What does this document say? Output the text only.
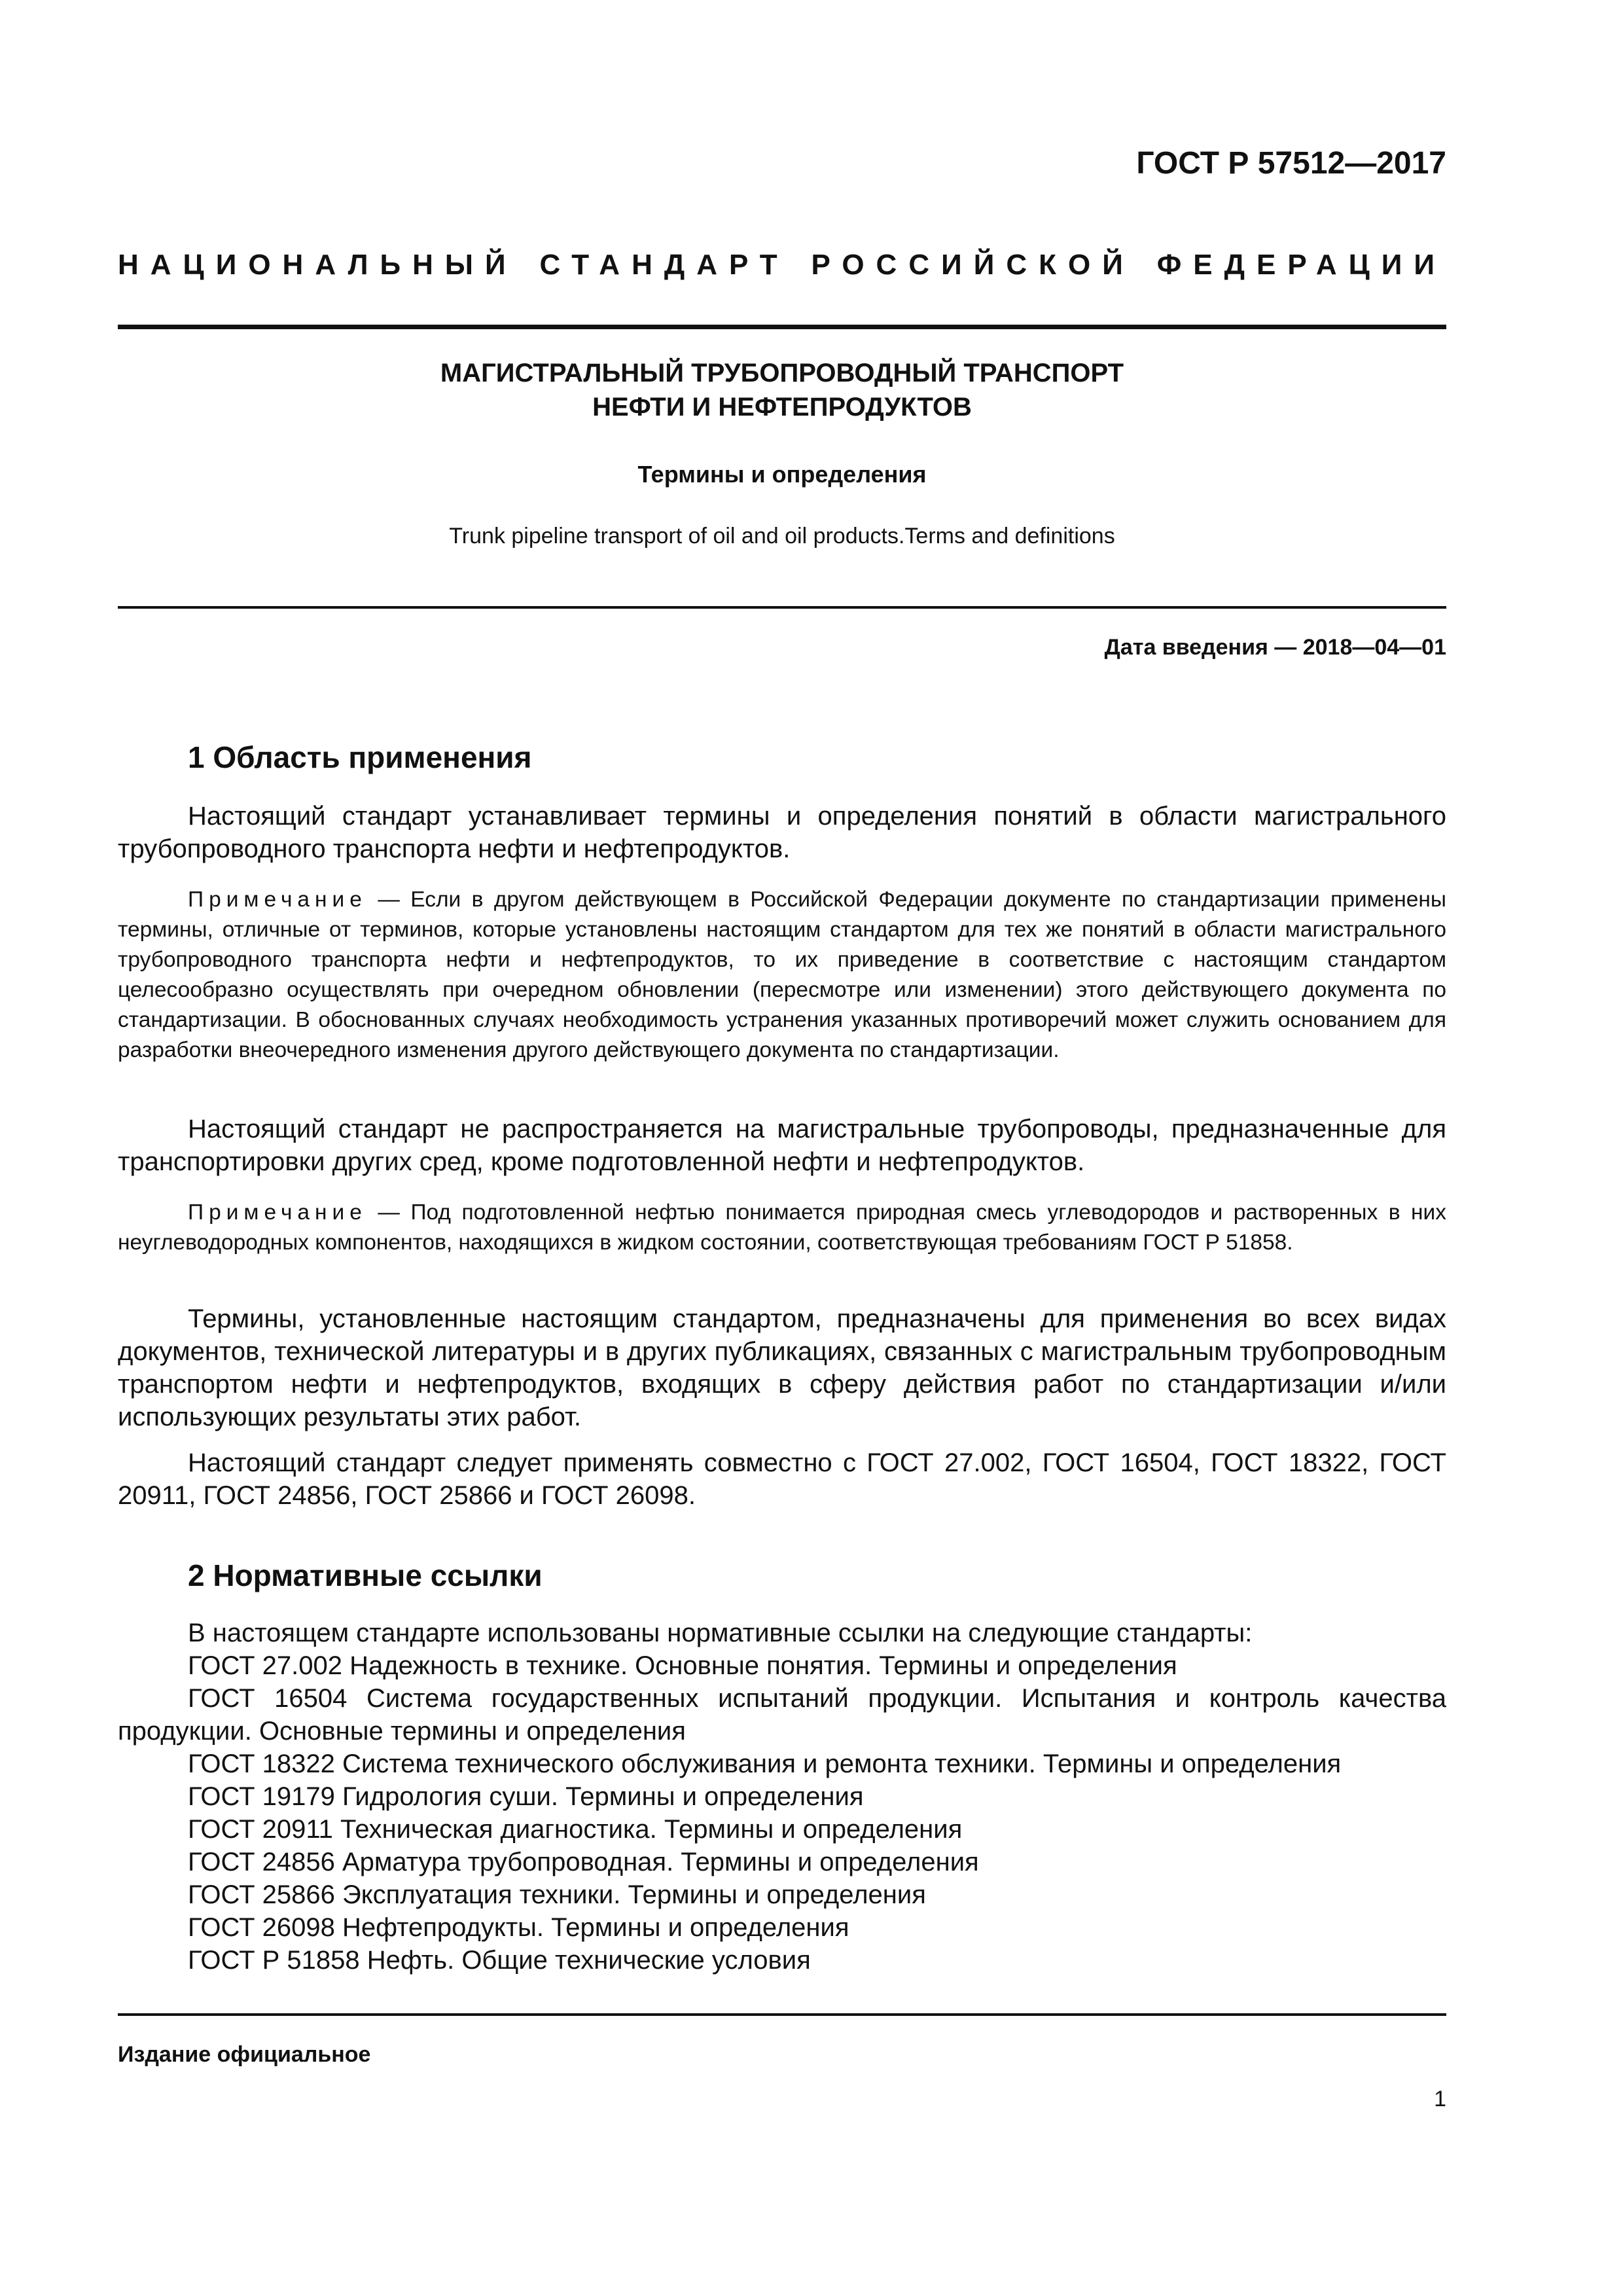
ГОСТ Р 57512—2017
НАЦИОНАЛЬНЫЙ СТАНДАРТ РОССИЙСКОЙ ФЕДЕРАЦИИ
МАГИСТРАЛЬНЫЙ ТРУБОПРОВОДНЫЙ ТРАНСПОРТ
НЕФТИ И НЕФТЕПРОДУКТОВ
Термины и определения
Trunk pipeline transport of oil and oil products.Terms and definitions
Дата введения — 2018—04—01
1 Область применения

Настоящий стандарт устанавливает термины и определения понятий в области магистрального трубопроводного транспорта нефти и нефтепродуктов.

Примечание — Если в другом действующем в Российской Федерации документе по стандартизации применены термины, отличные от терминов, которые установлены настоящим стандартом для тех же понятий в области магистрального трубопроводного транспорта нефти и нефтепродуктов, то их приведение в соответствие с настоящим стандартом целесообразно осуществлять при очередном обновлении (пересмотре или изменении) этого действующего документа по стандартизации. В обоснованных случаях необходимость устранения указанных противоречий может служить основанием для разработки внеочередного изменения другого действующего документа по стандартизации.

Настоящий стандарт не распространяется на магистральные трубопроводы, предназначенные для транспортировки других сред, кроме подготовленной нефти и нефтепродуктов.

Примечание — Под подготовленной нефтью понимается природная смесь углеводородов и растворенных в них неуглеводородных компонентов, находящихся в жидком состоянии, соответствующая требованиям ГОСТ Р 51858.

Термины, установленные настоящим стандартом, предназначены для применения во всех видах документов, технической литературы и в других публикациях, связанных с магистральным трубопроводным транспортом нефти и нефтепродуктов, входящих в сферу действия работ по стандартизации и/или использующих результаты этих работ.

Настоящий стандарт следует применять совместно с ГОСТ 27.002, ГОСТ 16504, ГОСТ 18322, ГОСТ 20911, ГОСТ 24856, ГОСТ 25866 и ГОСТ 26098.

2 Нормативные ссылки

В настоящем стандарте использованы нормативные ссылки на следующие стандарты:

ГОСТ 27.002 Надежность в технике. Основные понятия. Термины и определения

ГОСТ 16504 Система государственных испытаний продукции. Испытания и контроль качества продукции. Основные термины и определения

ГОСТ 18322 Система технического обслуживания и ремонта техники. Термины и определения

ГОСТ 19179 Гидрология суши. Термины и определения

ГОСТ 20911 Техническая диагностика. Термины и определения

ГОСТ 24856 Арматура трубопроводная. Термины и определения

ГОСТ 25866 Эксплуатация техники. Термины и определения

ГОСТ 26098 Нефтепродукты. Термины и определения

ГОСТ Р 51858 Нефть. Общие технические условия

Издание официальное
1
